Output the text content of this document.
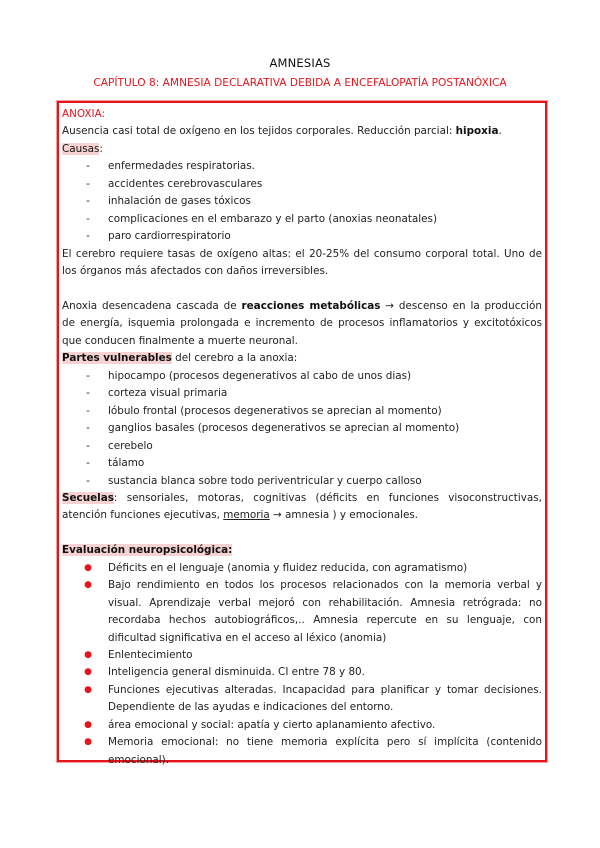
AMNESIAS
CAPÍTULO 8: AMNESIA DECLARATIVA DEBIDA A ENCEFALOPATÍA POSTANÓXICA
ANOXIA:
Ausencia casi total de oxígeno en los tejidos corporales. Reducción parcial: hipoxia.
Causas:
-	enfermedades respiratorias.
-	accidentes cerebrovasculares
-	inhalación de gases tóxicos
-	complicaciones en el embarazo y el parto (anoxias neonatales)
-	paro cardiorrespiratorio
El cerebro requiere tasas de oxígeno altas: el 20-25% del consumo corporal total. Uno de los órganos más afectados con daños irreversibles.
Anoxia desencadena cascada de reacciones metabólicas → descenso en la producción de energía, isquemia prolongada e incremento de procesos inflamatorios y excitotóxicos que conducen finalmente a muerte neuronal.
Partes vulnerables del cerebro a la anoxia:
-	hipocampo (procesos degenerativos al cabo de unos dias)
-	corteza visual primaria
-	lóbulo frontal (procesos degenerativos se aprecian al momento)
-	ganglios basales (procesos degenerativos se aprecian al momento)
-	cerebelo
-	tálamo
-	sustancia blanca sobre todo periventricular y cuerpo calloso
Secuelas: sensoriales, motoras, cognitivas (déficits en funciones visoconstructivas, atención funciones ejecutivas, memoria → amnesia ) y emocionales.
Evaluación neuropsicológica:
●	Déficits en el lenguaje (anomia y fluidez reducida, con agramatismo)
●	Bajo rendimiento en todos los procesos relacionados con la memoria verbal y visual. Aprendizaje verbal mejoró con rehabilitación. Amnesia retrógrada: no recordaba hechos autobiográficos,.. Amnesia repercute en su lenguaje, con dificultad significativa en el acceso al léxico (anomia)
●	Enlentecimiento
●	Inteligencia general disminuida. CI entre 78 y 80.
●	Funciones ejecutivas alteradas. Incapacidad para planificar y tomar decisiones. Dependiente de las ayudas e indicaciones del entorno.
●	área emocional y social: apatía y cierto aplanamiento afectivo.
●	Memoria emocional: no tiene memoria explícita pero sí implícita (contenido emocional).
